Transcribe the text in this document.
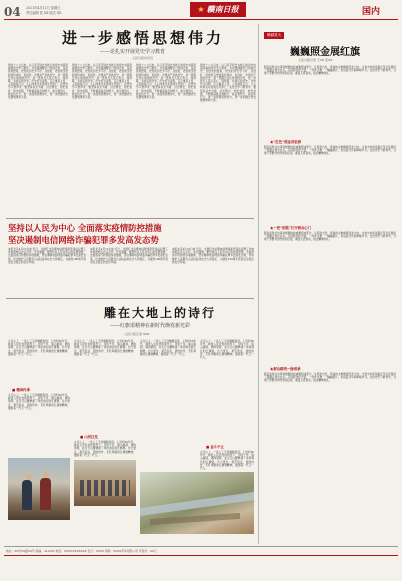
04 2021年4月11日 星期日
责任编辑 张 XX 版式 XX	★ 赣南日报	国内
进一步感悟思想伟力
——论扎实开展党史学习教育
人民日报评论员
党的十八大以来，以习近平同志为核心的党中央高度重视党史学习教育，多次强调要学习党的历史，总结党的经验，把党的历史学习好、总结好，把党的宝贵经验传承好、发扬好。中国共产党的历史，是一部践行初心使命的历史，是一部党与人民心连心、同呼吸、共命运的历史。历史充分证明，江山就是人民，人民就是江山，人心向背关系党的生死存亡。在党史学习教育中，要坚持以史为镜、以史明志，知史爱党、知史爱国，不断提高政治判断力、政治领悟力、政治执行力，进一步感悟思想伟力，进一步把握历史发展规律和大势。
党的十八大以来，以习近平同志为核心的党中央高度重视党史学习教育，多次强调要学习党的历史，总结党的经验，把党的历史学习好、总结好，把党的宝贵经验传承好、发扬好。中国共产党的历史，是一部践行初心使命的历史，是一部党与人民心连心、同呼吸、共命运的历史。历史充分证明，江山就是人民，人民就是江山，人心向背关系党的生死存亡。在党史学习教育中，要坚持以史为镜、以史明志，知史爱党、知史爱国，不断提高政治判断力、政治领悟力、政治执行力，进一步感悟思想伟力，进一步把握历史发展规律和大势。
党的十八大以来，以习近平同志为核心的党中央高度重视党史学习教育，多次强调要学习党的历史，总结党的经验，把党的历史学习好、总结好，把党的宝贵经验传承好、发扬好。中国共产党的历史，是一部践行初心使命的历史，是一部党与人民心连心、同呼吸、共命运的历史。历史充分证明，江山就是人民，人民就是江山，人心向背关系党的生死存亡。在党史学习教育中，要坚持以史为镜、以史明志，知史爱党、知史爱国，不断提高政治判断力、政治领悟力、政治执行力，进一步感悟思想伟力，进一步把握历史发展规律和大势。
党的十八大以来，以习近平同志为核心的党中央高度重视党史学习教育，多次强调要学习党的历史，总结党的经验，把党的历史学习好、总结好，把党的宝贵经验传承好、发扬好。中国共产党的历史，是一部践行初心使命的历史，是一部党与人民心连心、同呼吸、共命运的历史。历史充分证明，江山就是人民，人民就是江山，人心向背关系党的生死存亡。在党史学习教育中，要坚持以史为镜、以史明志，知史爱党、知史爱国，不断提高政治判断力、政治领悟力、政治执行力，进一步感悟思想伟力，进一步把握历史发展规律和大势。
赣鄱星火
巍巍照金展红旗
人民日报记者 王XX 张XX
照金是陕甘边革命根据地的重要组成部分。从照金出发，革命的火种燎原西北大地，为党中央和各路红军长征提供了落脚点和出发点。走进照金纪念馆，一件件文物、一幅幅照片，诉说着当年的峥嵘岁月。在党史学习教育中，当地干部群众纷纷来到这里，重温入党誓词，接受精神洗礼。
★“红色”照金旧址群
照金是陕甘边革命根据地的重要组成部分。从照金出发，革命的火种燎原西北大地，为党中央和各路红军长征提供了落脚点和出发点。走进照金纪念馆，一件件文物、一幅幅照片，诉说着当年的峥嵘岁月。在党史学习教育中，当地干部群众纷纷来到这里，重温入党誓词，接受精神洗礼。
★一把“钥匙”打开群众心门
照金是陕甘边革命根据地的重要组成部分。从照金出发，革命的火种燎原西北大地，为党中央和各路红军长征提供了落脚点和出发点。走进照金纪念馆，一件件文物、一幅幅照片，诉说着当年的峥嵘岁月。在党史学习教育中，当地干部群众纷纷来到这里，重温入党誓词，接受精神洗礼。
★群众路线一脉相承
照金是陕甘边革命根据地的重要组成部分。从照金出发，革命的火种燎原西北大地，为党中央和各路红军长征提供了落脚点和出发点。走进照金纪念馆，一件件文物、一幅幅照片，诉说着当年的峥嵘岁月。在党史学习教育中，当地干部群众纷纷来到这里，重温入党誓词，接受精神洗礼。
坚持以人民为中心 全面落实疫情防控措施
坚决遏制电信网络诈骗犯罪多发高发态势
本报北京4月10日电 近日，全国打击治理电信网络新型违法犯罪工作电视电话会议召开。会议强调，要坚持以人民为中心的发展思想，全面落实打防管控各项措施，坚决遏制电信网络诈骗犯罪多发高发态势，切实维护人民群众合法权益和社会大局稳定，为建党100周年营造安全稳定的社会环境。
本报北京4月10日电 近日，全国打击治理电信网络新型违法犯罪工作电视电话会议召开。会议强调，要坚持以人民为中心的发展思想，全面落实打防管控各项措施，坚决遏制电信网络诈骗犯罪多发高发态势，切实维护人民群众合法权益和社会大局稳定，为建党100周年营造安全稳定的社会环境。
本报北京4月10日电 近日，全国打击治理电信网络新型违法犯罪工作电视电话会议召开。会议强调，要坚持以人民为中心的发展思想，全面落实打防管控各项措施，坚决遏制电信网络诈骗犯罪多发高发态势，切实维护人民群众合法权益和社会大局稳定，为建党100周年营造安全稳定的社会环境。
雕在大地上的诗行
——红旗渠精神在新时代焕发新光彩
人民日报记者 XXX
太行山上，一条人工天河蜿蜒盘绕。上世纪60年代，林县人民在党的领导下，历时十年，逢山凿洞，遇沟架桥，在太行山腰修建了举世闻名的红旗渠。自力更生、艰苦创业、团结协作、无私奉献的红旗渠精神，激励着一代又一代人。
■ 精神传承
太行山上，一条人工天河蜿蜒盘绕。上世纪60年代，林县人民在党的领导下，历时十年，逢山凿洞，遇沟架桥，在太行山腰修建了举世闻名的红旗渠。自力更生、艰苦创业、团结协作、无私奉献的红旗渠精神，激励着一代又一代人。
太行山上，一条人工天河蜿蜒盘绕。上世纪60年代，林县人民在党的领导下，历时十年，逢山凿洞，遇沟架桥，在太行山腰修建了举世闻名的红旗渠。自力更生、艰苦创业、团结协作、无私奉献的红旗渠精神，激励着一代又一代人。
■ 山河巨变
太行山上，一条人工天河蜿蜒盘绕。上世纪60年代，林县人民在党的领导下，历时十年，逢山凿洞，遇沟架桥，在太行山腰修建了举世闻名的红旗渠。自力更生、艰苦创业、团结协作、无私奉献的红旗渠精神，激励着一代又一代人。
太行山上，一条人工天河蜿蜒盘绕。上世纪60年代，林县人民在党的领导下，历时十年，逢山凿洞，遇沟架桥，在太行山腰修建了举世闻名的红旗渠。自力更生、艰苦创业、团结协作、无私奉献的红旗渠精神，激励着一代又一代人。
太行山上，一条人工天河蜿蜒盘绕。上世纪60年代，林县人民在党的领导下，历时十年，逢山凿洞，遇沟架桥，在太行山腰修建了举世闻名的红旗渠。自力更生、艰苦创业、团结协作、无私奉献的红旗渠精神，激励着一代又一代人。
■ 奋斗不止
太行山上，一条人工天河蜿蜒盘绕。上世纪60年代，林县人民在党的领导下，历时十年，逢山凿洞，遇沟架桥，在太行山腰修建了举世闻名的红旗渠。自力更生、艰苦创业、团结协作、无私奉献的红旗渠精神，激励着一代又一代人。
地址：XX市XX路XX号 邮编：341000 电话：XXXX-XXXXXXX 发行：XXXX 印刷：XXXX印务有限公司 零售价：XX元
